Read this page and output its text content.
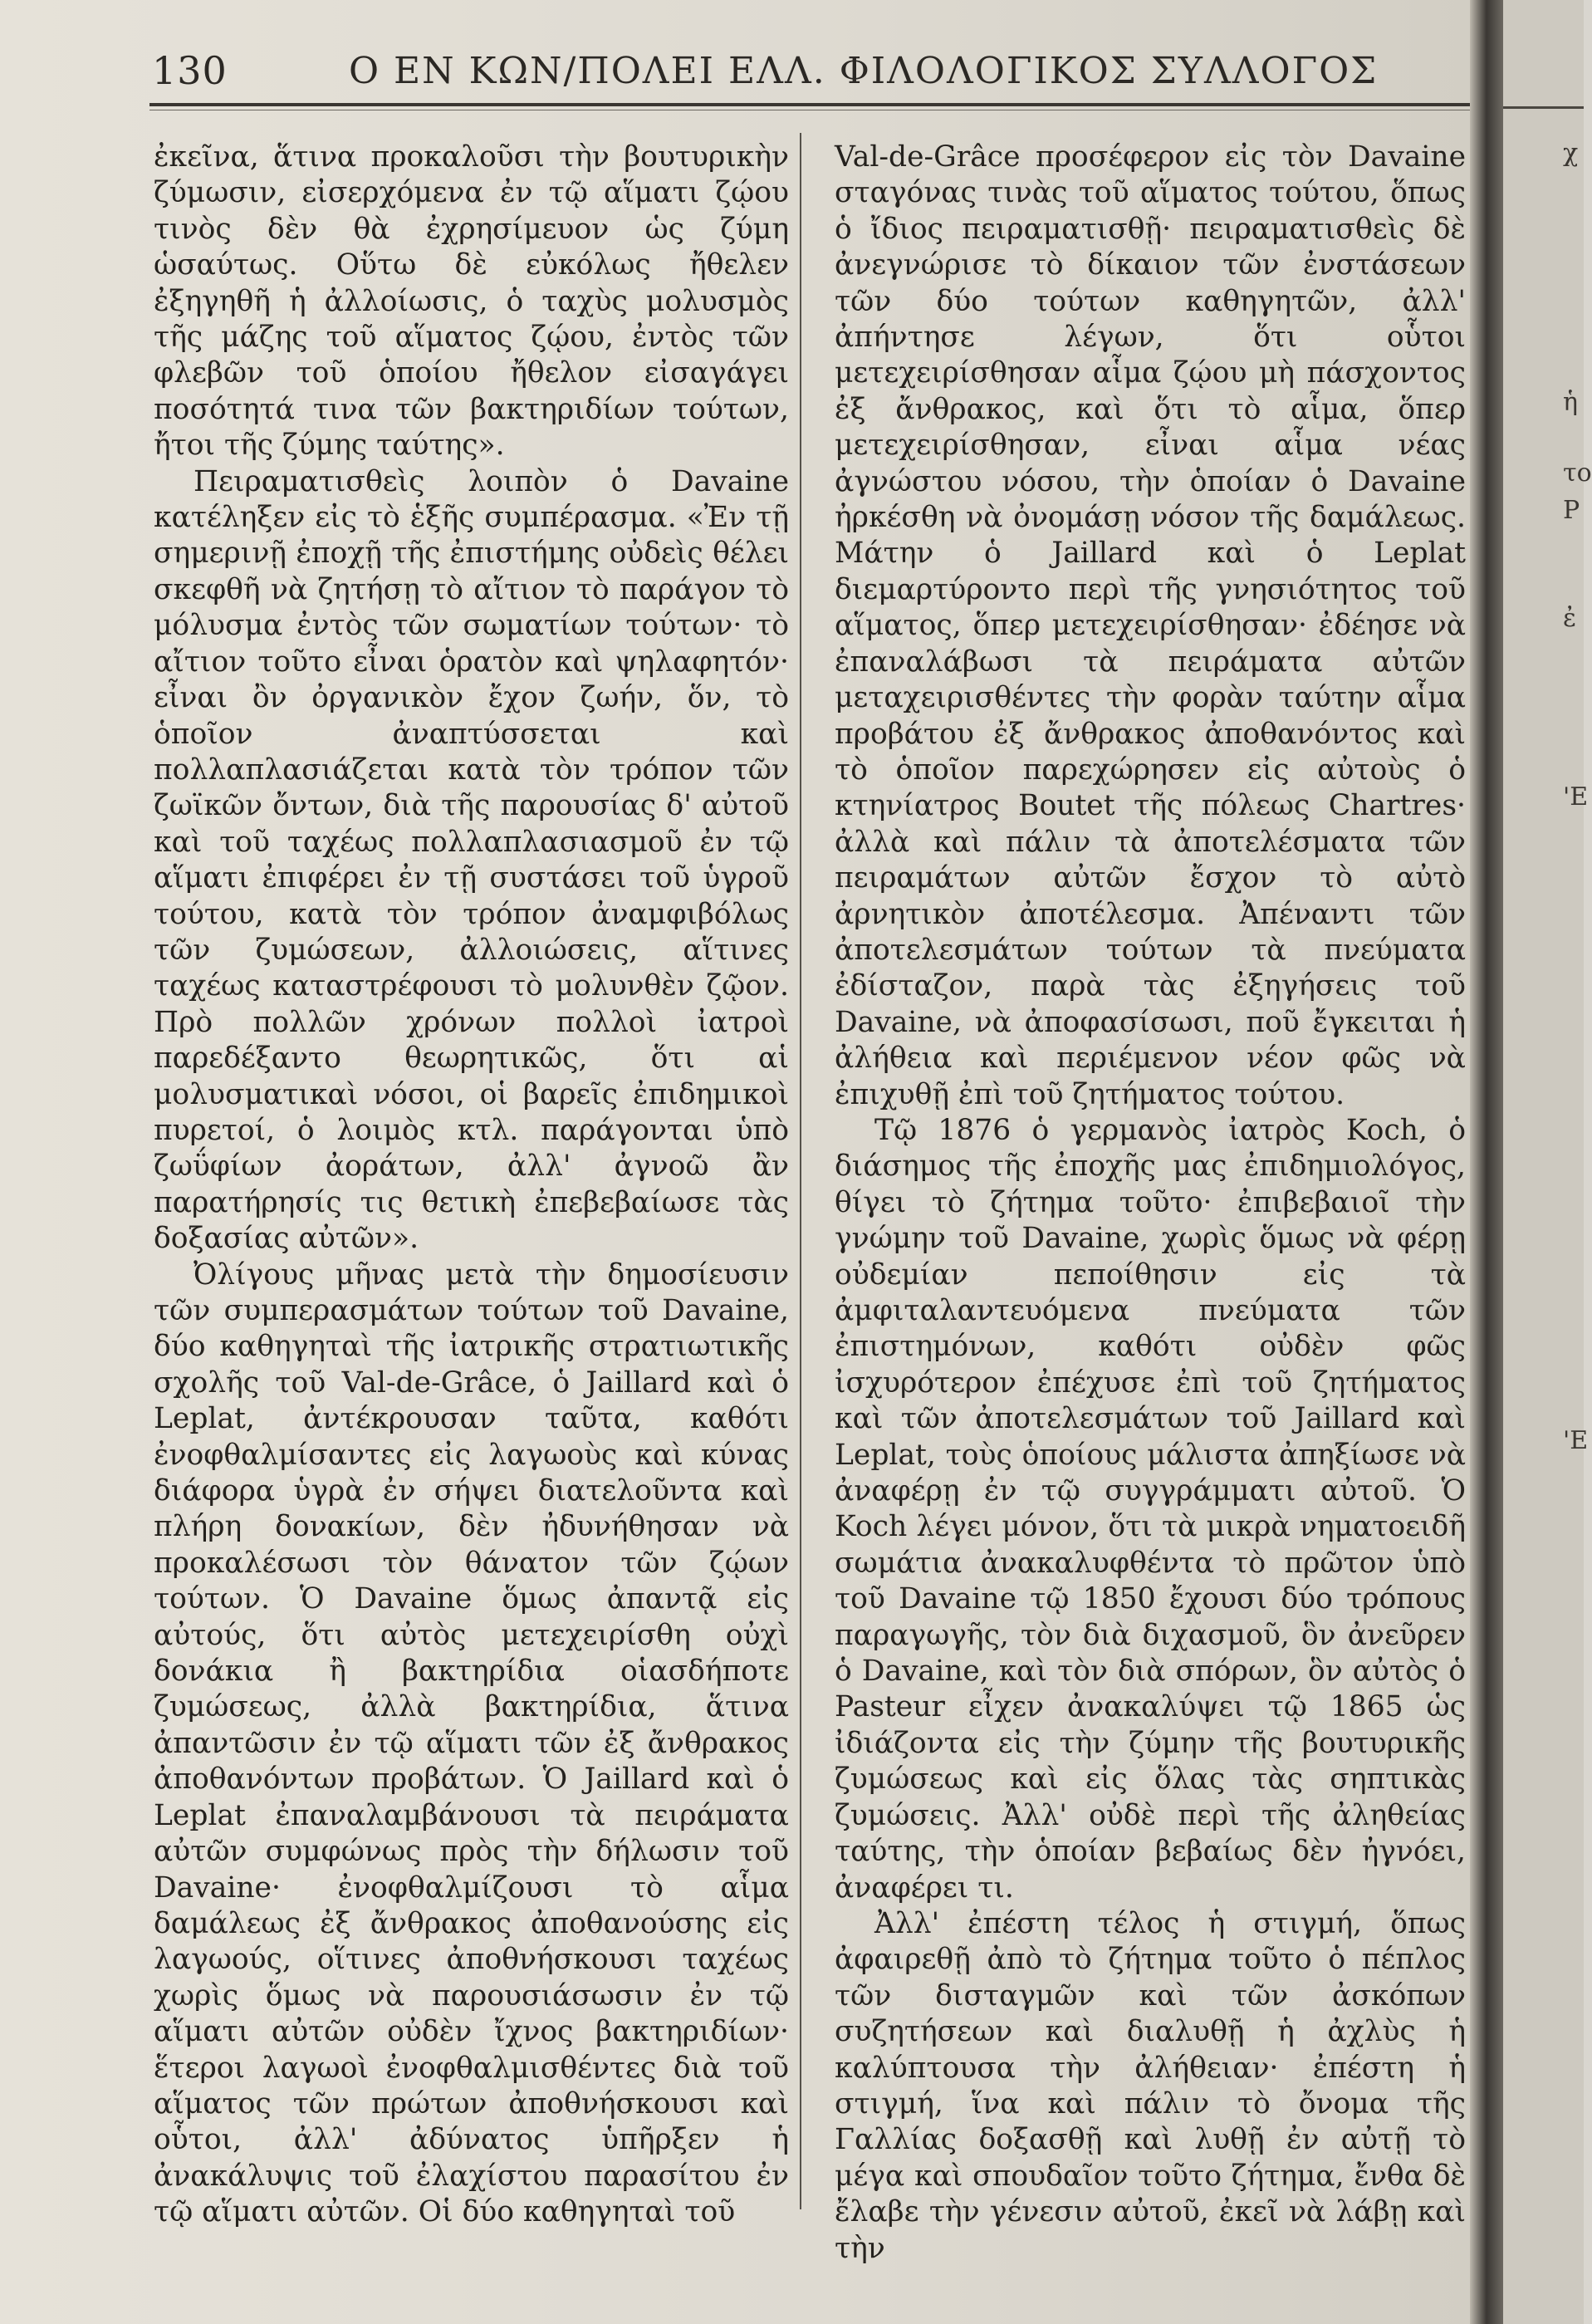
130	Ο ΕΝ ΚΩΝ/ΠΟΛΕΙ ΕΛΛ. ΦΙΛΟΛΟΓΙΚΟΣ ΣΥΛΛΟΓΟΣ

ἐκεῖνα, ἅτινα προκαλοῦσι τὴν βουτυρικὴν ζύμωσιν, εἰσερχόμενα ἐν τῷ αἵματι ζῴου τινὸς δὲν θὰ ἐχρησίμευον ὡς ζύμη ὡσαύτως. Οὕτω δὲ εὐκόλως ἤθελεν ἐξηγηθῆ ἡ ἀλλοίωσις, ὁ ταχὺς μολυσμὸς τῆς μάζης τοῦ αἵματος ζῴου, ἐντὸς τῶν φλεβῶν τοῦ ὁποίου ἤθελον εἰσαγάγει ποσότητά τινα τῶν βακτηριδίων τούτων, ἤτοι τῆς ζύμης ταύτης».

Πειραματισθεὶς λοιπὸν ὁ Davaine κατέληξεν εἰς τὸ ἑξῆς συμπέρασμα. «Ἐν τῇ σημερινῇ ἐποχῇ τῆς ἐπιστήμης οὐδεὶς θέλει σκεφθῆ νὰ ζητήσῃ τὸ αἴτιον τὸ παράγον τὸ μόλυσμα ἐντὸς τῶν σωματίων τούτων· τὸ αἴτιον τοῦτο εἶναι ὁρατὸν καὶ ψηλαφητόν· εἶναι ὂν ὀργανικὸν ἔχον ζωήν, ὅν, τὸ ὁποῖον ἀναπτύσσεται καὶ πολλαπλασιάζεται κατὰ τὸν τρόπον τῶν ζωϊκῶν ὄντων, διὰ τῆς παρουσίας δ' αὐτοῦ καὶ τοῦ ταχέως πολλαπλασιασμοῦ ἐν τῷ αἵματι ἐπιφέρει ἐν τῇ συστάσει τοῦ ὑγροῦ τούτου, κατὰ τὸν τρόπον ἀναμφιβόλως τῶν ζυμώσεων, ἀλλοιώσεις, αἵτινες ταχέως καταστρέφουσι τὸ μολυνθὲν ζῷον. Πρὸ πολλῶν χρόνων πολλοὶ ἰατροὶ παρεδέξαντο θεωρητικῶς, ὅτι αἱ μολυσματικαὶ νόσοι, οἱ βαρεῖς ἐπιδημικοὶ πυρετοί, ὁ λοιμὸς κτλ. παράγονται ὑπὸ ζωΰφίων ἀοράτων, ἀλλ' ἀγνοῶ ἂν παρατήρησίς τις θετικὴ ἐπεβεβαίωσε τὰς δοξασίας αὐτῶν».

Ὀλίγους μῆνας μετὰ τὴν δημοσίευσιν τῶν συμπερασμάτων τούτων τοῦ Davaine, δύο καθηγηταὶ τῆς ἰατρικῆς στρατιωτικῆς σχολῆς τοῦ Val-de-Grâce, ὁ Jaillard καὶ ὁ Leplat, ἀντέκρουσαν ταῦτα, καθότι ἐνοφθαλμίσαντες εἰς λαγωοὺς καὶ κύνας διάφορα ὑγρὰ ἐν σήψει διατελοῦντα καὶ πλήρη δονακίων, δὲν ἠδυνήθησαν νὰ προκαλέσωσι τὸν θάνατον τῶν ζῴων τούτων. Ὁ Davaine ὅμως ἀπαντᾷ εἰς αὐτούς, ὅτι αὐτὸς μετεχειρίσθη οὐχὶ δονάκια ἢ βακτηρίδια οἱασδήποτε ζυμώσεως, ἀλλὰ βακτηρίδια, ἅτινα ἀπαντῶσιν ἐν τῷ αἵματι τῶν ἐξ ἄνθρακος ἀποθανόντων προβάτων. Ὁ Jaillard καὶ ὁ Leplat ἐπαναλαμβάνουσι τὰ πειράματα αὐτῶν συμφώνως πρὸς τὴν δήλωσιν τοῦ Davaine· ἐνοφθαλμίζουσι τὸ αἷμα δαμάλεως ἐξ ἄνθρακος ἀποθανούσης εἰς λαγωούς, οἵτινες ἀποθνήσκουσι ταχέως χωρὶς ὅμως νὰ παρουσιάσωσιν ἐν τῷ αἵματι αὐτῶν οὐδὲν ἴχνος βακτηριδίων· ἕτεροι λαγωοὶ ἐνοφθαλμισθέντες διὰ τοῦ αἵματος τῶν πρώτων ἀποθνήσκουσι καὶ οὗτοι, ἀλλ' ἀδύνατος ὑπῆρξεν ἡ ἀνακάλυψις τοῦ ἐλαχίστου παρασίτου ἐν τῷ αἵματι αὐτῶν. Οἱ δύο καθηγηταὶ τοῦ

Val-de-Grâce προσέφερον εἰς τὸν Davaine σταγόνας τινὰς τοῦ αἵματος τούτου, ὅπως ὁ ἴδιος πειραματισθῇ· πειραματισθεὶς δὲ ἀνεγνώρισε τὸ δίκαιον τῶν ἐνστάσεων τῶν δύο τούτων καθηγητῶν, ἀλλ' ἀπήντησε λέγων, ὅτι οὗτοι μετεχειρίσθησαν αἷμα ζῴου μὴ πάσχοντος ἐξ ἄνθρακος, καὶ ὅτι τὸ αἷμα, ὅπερ μετεχειρίσθησαν, εἶναι αἷμα νέας ἀγνώστου νόσου, τὴν ὁποίαν ὁ Davaine ἠρκέσθη νὰ ὀνομάσῃ νόσον τῆς δαμάλεως. Μάτην ὁ Jaillard καὶ ὁ Leplat διεμαρτύροντο περὶ τῆς γνησιότητος τοῦ αἵματος, ὅπερ μετεχειρίσθησαν· ἐδέησε νὰ ἐπαναλάβωσι τὰ πειράματα αὐτῶν μεταχειρισθέντες τὴν φορὰν ταύτην αἷμα προβάτου ἐξ ἄνθρακος ἀποθανόντος καὶ τὸ ὁποῖον παρεχώρησεν εἰς αὐτοὺς ὁ κτηνίατρος Boutet τῆς πόλεως Chartres· ἀλλὰ καὶ πάλιν τὰ ἀποτελέσματα τῶν πειραμάτων αὐτῶν ἔσχον τὸ αὐτὸ ἀρνητικὸν ἀποτέλεσμα. Ἀπέναντι τῶν ἀποτελεσμάτων τούτων τὰ πνεύματα ἐδίσταζον, παρὰ τὰς ἐξηγήσεις τοῦ Davaine, νὰ ἀποφασίσωσι, ποῦ ἔγκειται ἡ ἀλήθεια καὶ περιέμενον νέον φῶς νὰ ἐπιχυθῇ ἐπὶ τοῦ ζητήματος τούτου.

Τῷ 1876 ὁ γερμανὸς ἰατρὸς Koch, ὁ διάσημος τῆς ἐποχῆς μας ἐπιδημιολόγος, θίγει τὸ ζήτημα τοῦτο· ἐπιβεβαιοῖ τὴν γνώμην τοῦ Davaine, χωρὶς ὅμως νὰ φέρῃ οὐδεμίαν πεποίθησιν εἰς τὰ ἀμφιταλαντευόμενα πνεύματα τῶν ἐπιστημόνων, καθότι οὐδὲν φῶς ἰσχυρότερον ἐπέχυσε ἐπὶ τοῦ ζητήματος καὶ τῶν ἀποτελεσμάτων τοῦ Jaillard καὶ Leplat, τοὺς ὁποίους μάλιστα ἀπηξίωσε νὰ ἀναφέρῃ ἐν τῷ συγγράμματι αὐτοῦ. Ὁ Koch λέγει μόνον, ὅτι τὰ μικρὰ νηματοειδῆ σωμάτια ἀνακαλυφθέντα τὸ πρῶτον ὑπὸ τοῦ Davaine τῷ 1850 ἔχουσι δύο τρόπους παραγωγῆς, τὸν διὰ διχασμοῦ, ὃν ἀνεῦρεν ὁ Davaine, καὶ τὸν διὰ σπόρων, ὃν αὐτὸς ὁ Pasteur εἶχεν ἀνακαλύψει τῷ 1865 ὡς ἰδιάζοντα εἰς τὴν ζύμην τῆς βουτυρικῆς ζυμώσεως καὶ εἰς ὅλας τὰς σηπτικὰς ζυμώσεις. Ἀλλ' οὐδὲ περὶ τῆς ἀληθείας ταύτης, τὴν ὁποίαν βεβαίως δὲν ἠγνόει, ἀναφέρει τι.

Ἀλλ' ἐπέστη τέλος ἡ στιγμή, ὅπως ἀφαιρεθῇ ἀπὸ τὸ ζήτημα τοῦτο ὁ πέπλος τῶν δισταγμῶν καὶ τῶν ἀσκόπων συζητήσεων καὶ διαλυθῇ ἡ ἀχλὺς ἡ καλύπτουσα τὴν ἀλήθειαν· ἐπέστη ἡ στιγμή, ἵνα καὶ πάλιν τὸ ὄνομα τῆς Γαλλίας δοξασθῇ καὶ λυθῇ ἐν αὐτῇ τὸ μέγα καὶ σπουδαῖον τοῦτο ζήτημα, ἔνθα δὲ ἔλαβε τὴν γένεσιν αὐτοῦ, ἐκεῖ νὰ λάβῃ καὶ τὴν

χ
ἡ
το
P
ἐ
'Ε
'Ε
